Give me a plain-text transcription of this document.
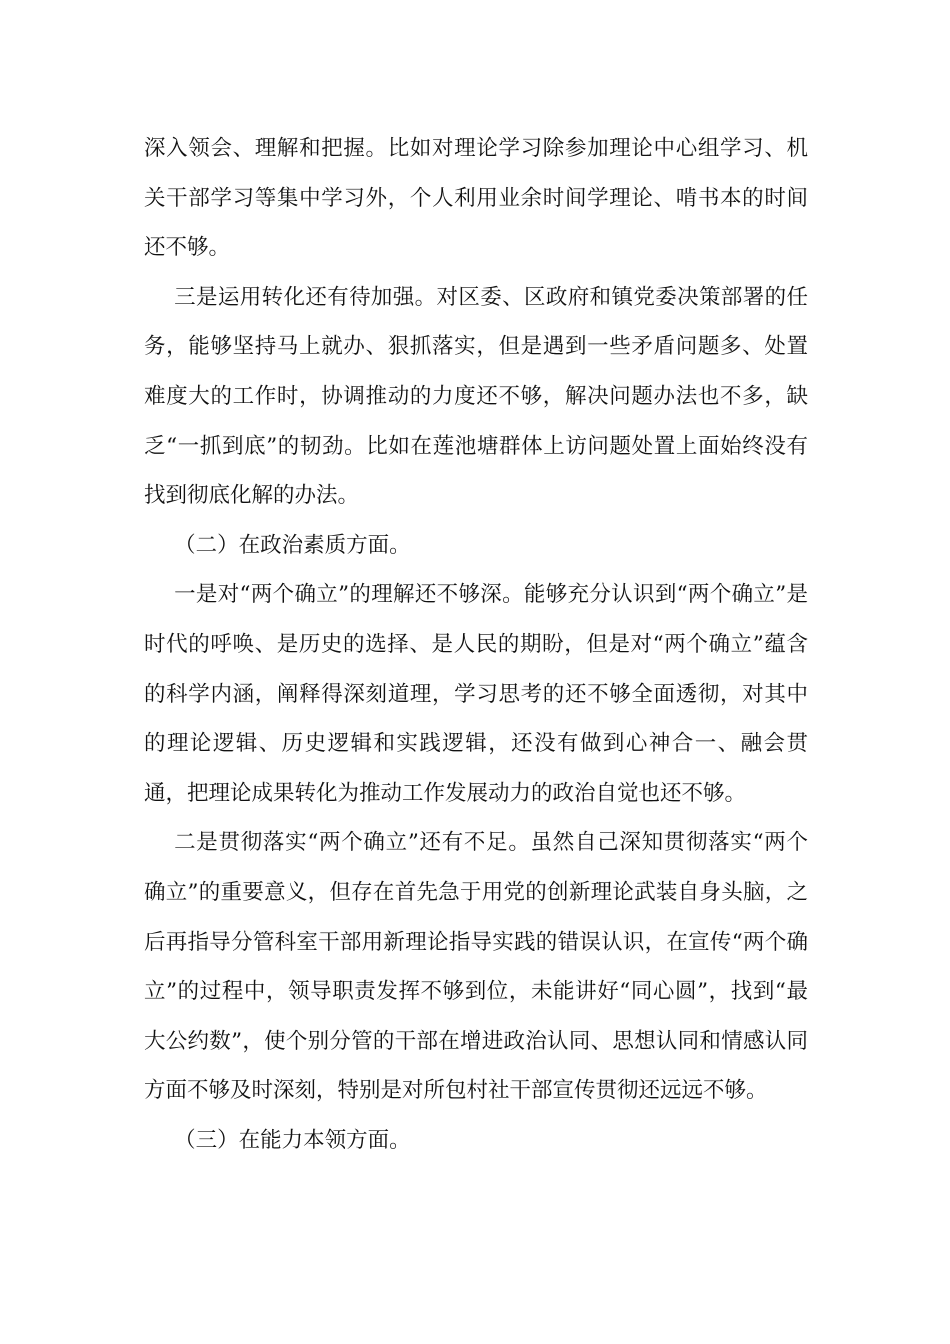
深入领会、理解和把握。比如对理论学习除参加理论中心组学习、机关干部学习等集中学习外，个人利用业余时间学理论、啃书本的时间还不够。

三是运用转化还有待加强。对区委、区政府和镇党委决策部署的任务，能够坚持马上就办、狠抓落实，但是遇到一些矛盾问题多、处置难度大的工作时，协调推动的力度还不够，解决问题办法也不多，缺乏“一抓到底”的韧劲。比如在莲池塘群体上访问题处置上面始终没有找到彻底化解的办法。

（二）在政治素质方面。

一是对“两个确立”的理解还不够深。能够充分认识到“两个确立”是时代的呼唤、是历史的选择、是人民的期盼，但是对“两个确立”蕴含的科学内涵，阐释得深刻道理，学习思考的还不够全面透彻，对其中的理论逻辑、历史逻辑和实践逻辑，还没有做到心神合一、融会贯通，把理论成果转化为推动工作发展动力的政治自觉也还不够。

二是贯彻落实“两个确立”还有不足。虽然自己深知贯彻落实“两个确立”的重要意义，但存在首先急于用党的创新理论武装自身头脑，之后再指导分管科室干部用新理论指导实践的错误认识，在宣传“两个确立”的过程中，领导职责发挥不够到位，未能讲好“同心圆”，找到“最大公约数”，使个别分管的干部在增进政治认同、思想认同和情感认同方面不够及时深刻，特别是对所包村社干部宣传贯彻还远远不够。

（三）在能力本领方面。
